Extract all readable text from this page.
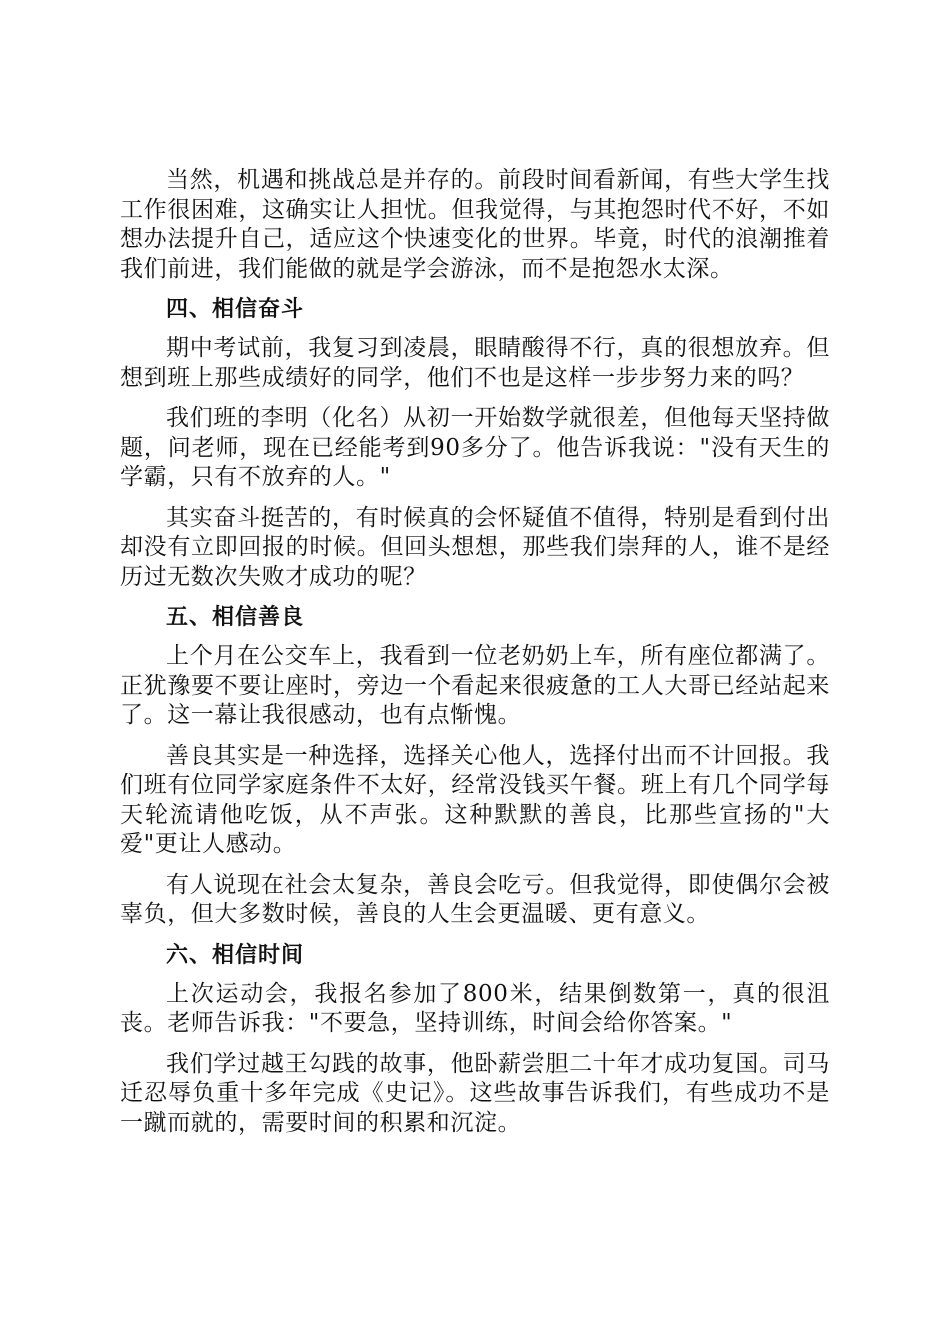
当然，机遇和挑战总是并存的。前段时间看新闻，有些大学生找工作很困难，这确实让人担忧。但我觉得，与其抱怨时代不好，不如想办法提升自己，适应这个快速变化的世界。毕竟，时代的浪潮推着我们前进，我们能做的就是学会游泳，而不是抱怨水太深。

四、相信奋斗

期中考试前，我复习到凌晨，眼睛酸得不行，真的很想放弃。但想到班上那些成绩好的同学，他们不也是这样一步步努力来的吗？

我们班的李明（化名）从初一开始数学就很差，但他每天坚持做题，问老师，现在已经能考到90多分了。他告诉我说："没有天生的学霸，只有不放弃的人。"

其实奋斗挺苦的，有时候真的会怀疑值不值得，特别是看到付出却没有立即回报的时候。但回头想想，那些我们崇拜的人，谁不是经历过无数次失败才成功的呢？

五、相信善良

上个月在公交车上，我看到一位老奶奶上车，所有座位都满了。正犹豫要不要让座时，旁边一个看起来很疲惫的工人大哥已经站起来了。这一幕让我很感动，也有点惭愧。

善良其实是一种选择，选择关心他人，选择付出而不计回报。我们班有位同学家庭条件不太好，经常没钱买午餐。班上有几个同学每天轮流请他吃饭，从不声张。这种默默的善良，比那些宣扬的"大爱"更让人感动。

有人说现在社会太复杂，善良会吃亏。但我觉得，即使偶尔会被辜负，但大多数时候，善良的人生会更温暖、更有意义。

六、相信时间

上次运动会，我报名参加了800米，结果倒数第一，真的很沮丧。老师告诉我："不要急，坚持训练，时间会给你答案。"

我们学过越王勾践的故事，他卧薪尝胆二十年才成功复国。司马迁忍辱负重十多年完成《史记》。这些故事告诉我们，有些成功不是一蹴而就的，需要时间的积累和沉淀。
